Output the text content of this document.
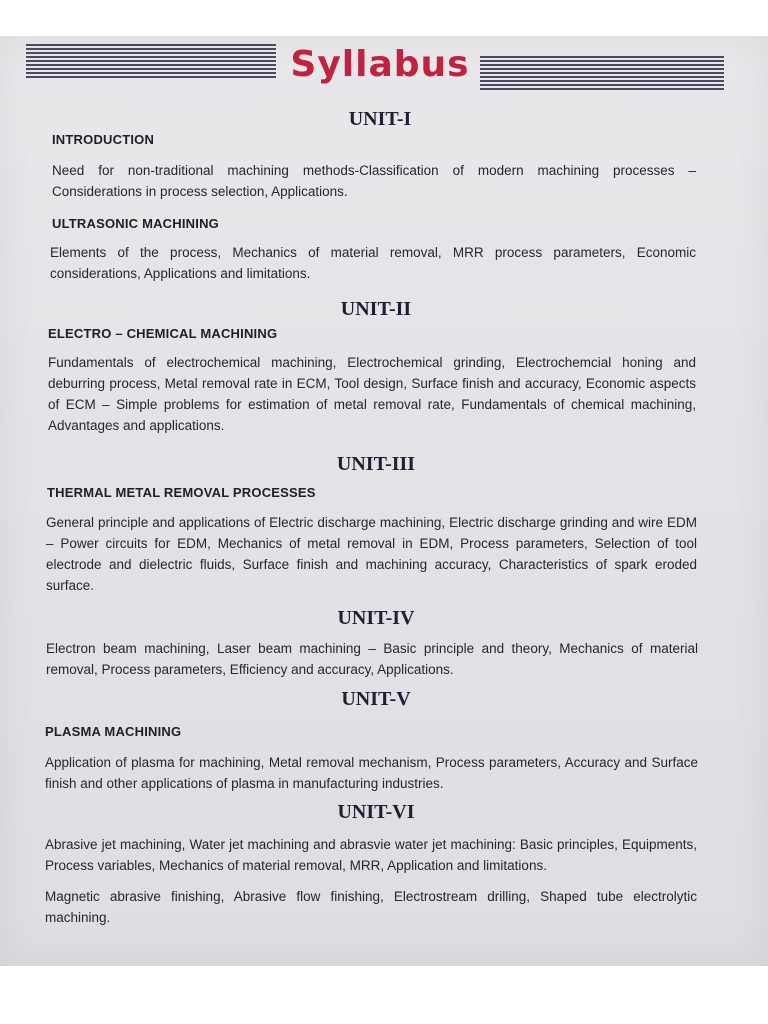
Syllabus
UNIT-I
INTRODUCTION

Need for non-traditional machining methods-Classification of modern machining processes – Considerations in process selection, Applications.

ULTRASONIC MACHINING

Elements of the process, Mechanics of material removal, MRR process parameters, Economic considerations, Applications and limitations.

UNIT-II
ELECTRO – CHEMICAL MACHINING

Fundamentals of electrochemical machining, Electrochemical grinding, Electrochemcial honing and deburring process, Metal removal rate in ECM, Tool design, Surface finish and accuracy, Economic aspects of ECM – Simple problems for estimation of metal removal rate, Fundamentals of chemical machining, Advantages and applications.

UNIT-III
THERMAL METAL REMOVAL PROCESSES

General principle and applications of Electric discharge machining, Electric discharge grinding and wire EDM – Power circuits for EDM, Mechanics of metal removal in EDM, Process parameters, Selection of tool electrode and dielectric fluids, Surface finish and machining accuracy, Characteristics of spark eroded surface.

UNIT-IV

Electron beam machining, Laser beam machining – Basic principle and theory, Mechanics of material removal, Process parameters, Efficiency and accuracy, Applications.

UNIT-V
PLASMA MACHINING

Application of plasma for machining, Metal removal mechanism, Process parameters, Accuracy and Surface finish and other applications of plasma in manufacturing industries.

UNIT-VI

Abrasive jet machining, Water jet machining and abrasvie water jet machining: Basic principles, Equipments, Process variables, Mechanics of material removal, MRR, Application and limitations.

Magnetic abrasive finishing, Abrasive flow finishing, Electrostream drilling, Shaped tube electrolytic machining.
